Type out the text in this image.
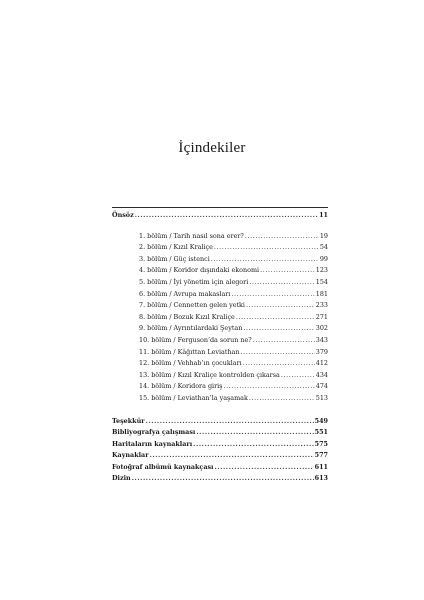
İçindekiler
Önsöz .....	11
1. bölüm / Tarih nasıl sona erer? .....	19
2. bölüm / Kızıl Kraliçe .....	54
3. bölüm / Güç istenci .....	99
4. bölüm / Koridor dışındaki ekonomi .....	123
5. bölüm / İyi yönetim için alegori .....	154
6. bölüm / Avrupa makasları .....	181
7. bölüm / Cennetten gelen yetki .....	233
8. bölüm / Bozuk Kızıl Kraliçe .....	271
9. bölüm / Ayrıntılardaki Şeytan .....	302
10. bölüm / Ferguson’da sorun ne? .....	343
11. bölüm / Kâğıttan Leviathan .....	379
12. bölüm / Vehhab’ın çocukları .....	412
13. bölüm / Kızıl Kraliçe kontrolden çıkarsa .....	434
14. bölüm / Koridora giriş .....	474
15. bölüm / Leviathan’la yaşamak .....	513
Teşekkür .....	549
Bibliyografya çalışması .....	551
Haritaların kaynakları .....	575
Kaynaklar .....	577
Fotoğraf albümü kaynakçası .....	611
Dizin .....	613
